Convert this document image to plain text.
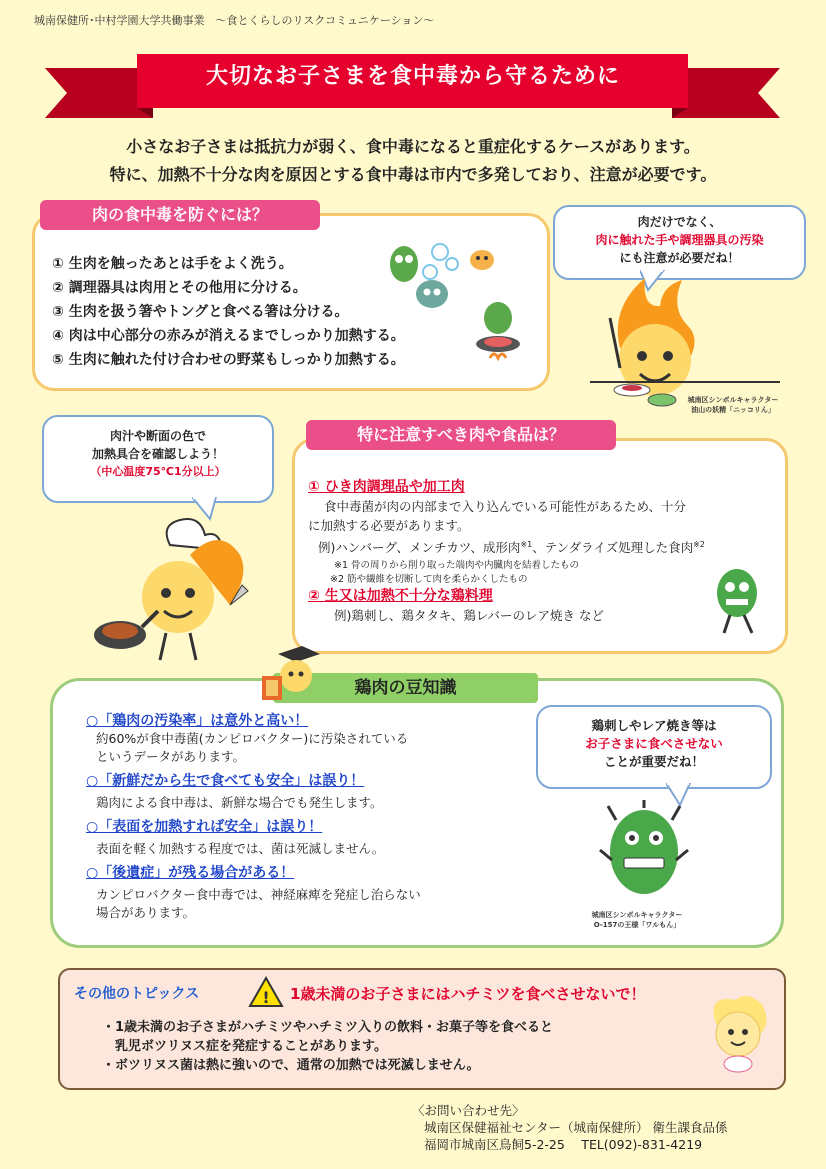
城南保健所･中村学園大学共働事業　～食とくらしのリスクコミュニケーション～
大切なお子さまを食中毒から守るために
小さなお子さまは抵抗力が弱く、食中毒になると重症化するケースがあります。
特に、加熱不十分な肉を原因とする食中毒は市内で多発しており、注意が必要です。
肉の食中毒を防ぐには？
① 生肉を触ったあとは手をよく洗う。
② 調理器具は肉用とその他用に分ける。
③ 生肉を扱う箸やトングと食べる箸は分ける。
④ 肉は中心部分の赤みが消えるまでしっかり加熱する。
⑤ 生肉に触れた付け合わせの野菜もしっかり加熱する。
肉だけでなく、
肉に触れた手や調理器具の汚染
にも注意が必要だね！
城南区シンボルキャラクター
油山の妖精「ニッコリん」
肉汁や断面の色で
加熱具合を確認しよう！
（中心温度75℃1分以上）
特に注意すべき肉や食品は？
① ひき肉調理品や加工肉
食中毒菌が肉の内部まで入り込んでいる可能性があるため、十分
に加熱する必要があります。
例)ハンバーグ、メンチカツ、成形肉$^{※1}$、テンダライズ処理した食肉$^{※2}$
※1 骨の周りから削り取った端肉や内臓肉を結着したもの
※2 筋や繊維を切断して肉を柔らかくしたもの
② 生又は加熱不十分な鶏料理
例)鶏刺し、鶏タタキ、鶏レバーのレア焼き など
鶏肉の豆知識
○「鶏肉の汚染率」は意外と高い！
約60%が食中毒菌(カンピロバクター)に汚染されている
というデータがあります。
○「新鮮だから生で食べても安全」は誤り！
鶏肉による食中毒は、新鮮な場合でも発生します。
○「表面を加熱すれば安全」は誤り！
表面を軽く加熱する程度では、菌は死滅しません。
○「後遺症」が残る場合がある！
カンピロバクター食中毒では、神経麻痺を発症し治らない
場合があります。
鶏刺しやレア焼き等は
お子さまに食べさせない
ことが重要だね！
城南区シンボルキャラクター
O-157の王様「ワルもん」
その他のトピックス	! 1歳未満のお子さまにはハチミツを食べさせないで！
・1歳未満のお子さまがハチミツやハチミツ入りの飲料・お菓子等を食べると
　乳児ボツリヌス症を発症することがあります。
・ボツリヌス菌は熱に強いので、通常の加熱では死滅しません。
〈お問い合わせ先〉
城南区保健福祉センター（城南保健所） 衛生課食品係
福岡市城南区鳥飼5-2-25　 TEL(092)-831-4219
